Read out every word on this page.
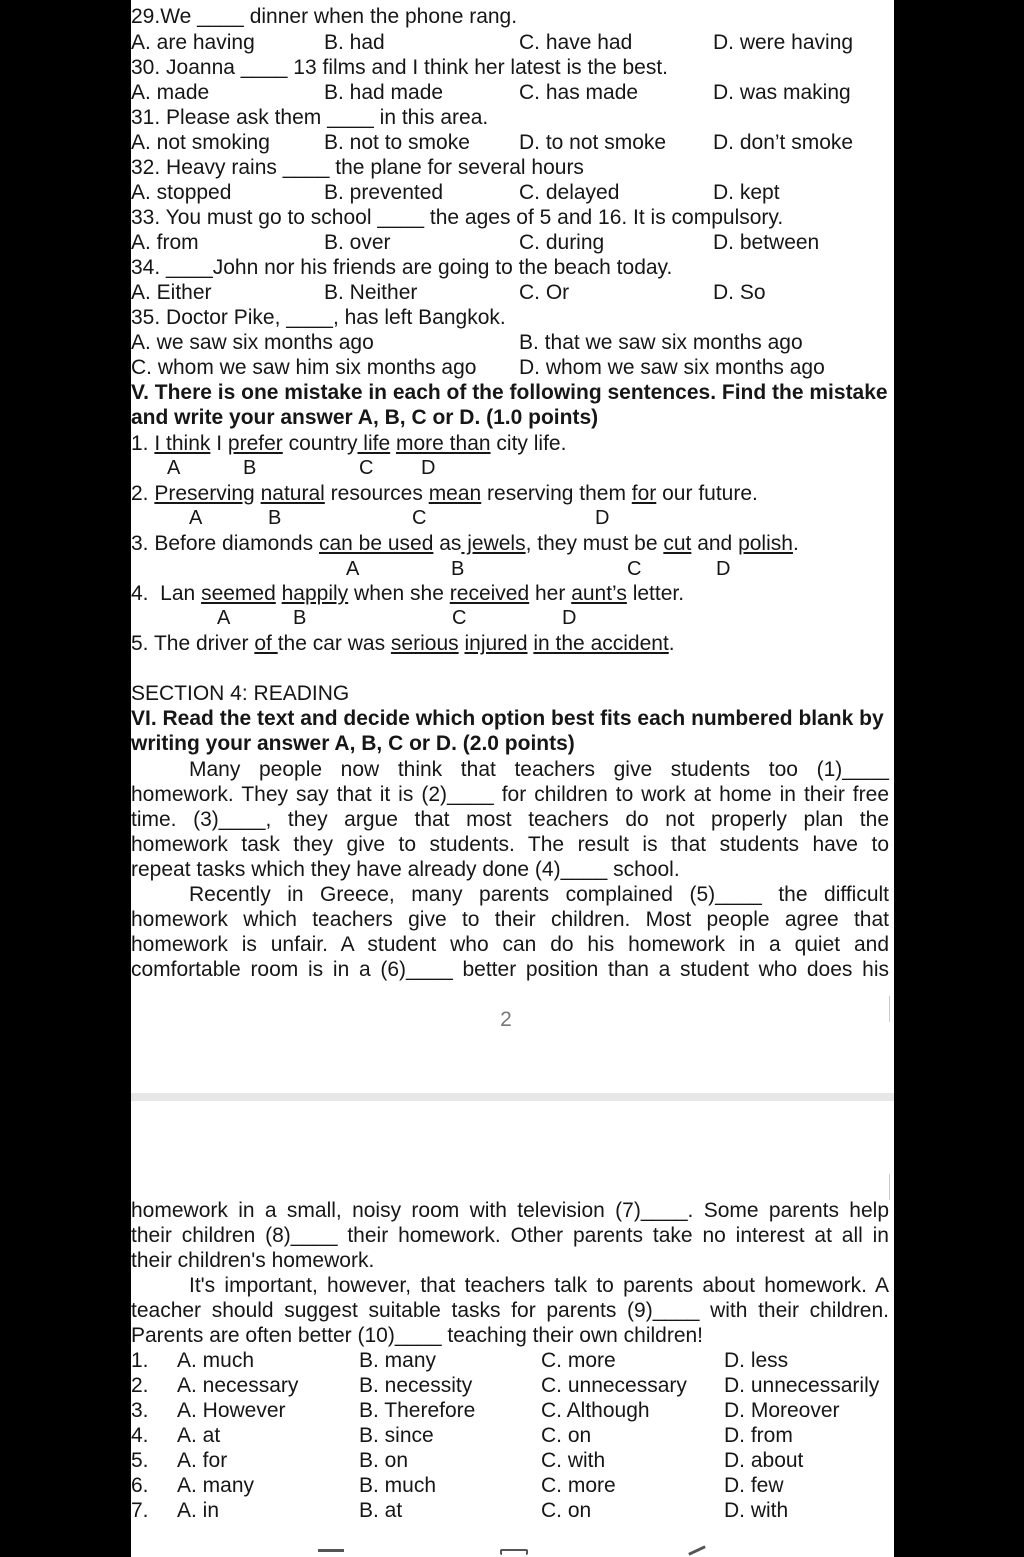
29.We ____ dinner when the phone rang.
A. are having	B. had	C. have had	D. were having
30. Joanna ____ 13 films and I think her latest is the best.
A. made	B. had made	C. has made	D. was making
31. Please ask them ____ in this area.
A. not smoking	B. not to smoke D. to not smoke D. don’t smoke
32. Heavy rains ____ the plane for several hours
A. stopped	B. prevented	C. delayed	D. kept
33. You must go to school ____ the ages of 5 and 16. It is compulsory.
A. from	B. over	C. during	D. between
34. ____John nor his friends are going to the beach today.
A. Either	B. Neither	C. Or	D. So
35. Doctor Pike, ____, has left Bangkok.
A. we saw six months ago	B. that we saw six months ago
C. whom we saw him six months ago D. whom we saw six months ago
V. There is one mistake in each of the following sentences. Find the mistake
and write your answer A, B, C or D. (1.0 points)
1. I think I prefer country life more than city life.
A	B	C D
2. Preserving natural resources mean reserving them for our future.
A	B	C	D
3. Before diamonds can be used as jewels, they must be cut and polish.
A	B	C	D
4.  Lan seemed happily when she received her aunt’s letter.
A	B	C	D
5. The driver of the car was serious injured in the accident.
SECTION 4: READING
VI. Read the text and decide which option best fits each numbered blank by
writing your answer A, B, C or D. (2.0 points)
Many people now think that teachers give students too (1)____
homework. They say that it is (2)____ for children to work at home in their free
time. (3)____, they argue that most teachers do not properly plan the
homework task they give to students. The result is that students have to
repeat tasks which they have already done (4)____ school.
Recently in Greece, many parents complained (5)____ the difficult
homework which teachers give to their children. Most people agree that
homework is unfair. A student who can do his homework in a quiet and
comfortable room is in a (6)____ better position than a student who does his
2
homework in a small, noisy room with television (7)____. Some parents help
their children (8)____ their homework. Other parents take no interest at all in
their children's homework.
It's important, however, that teachers talk to parents about homework. A
teacher should suggest suitable tasks for parents (9)____ with their children.
Parents are often better (10)____ teaching their own children!
1. A. much	B. many	C. more	D. less
2. A. necessary	B. necessity	C. unnecessary D. unnecessarily
3. A. However	B. Therefore	C. Although	D. Moreover
4. A. at	B. since	C. on	D. from
5. A. for	B. on	C. with	D. about
6. A. many	B. much	C. more	D. few
7. A. in	B. at	C. on	D. with
